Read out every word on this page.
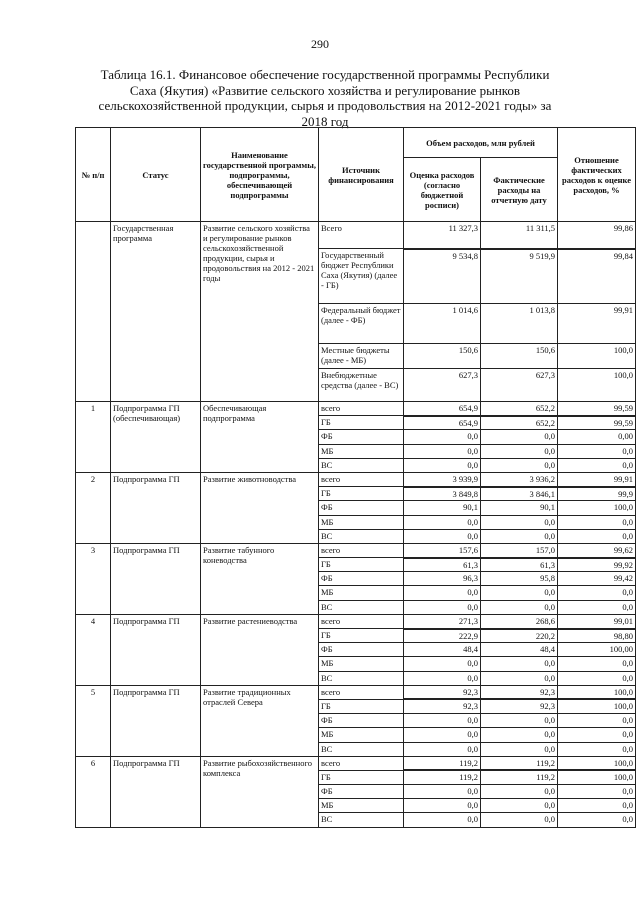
290
Таблица 16.1. Финансовое обеспечение государственной программы Республики Саха (Якутия) «Развитие сельского хозяйства и регулирование рынков сельскохозяйственной продукции, сырья и продовольствия на 2012-2021 годы» за 2018 год
№ п/п	Статус	Наименование государственной программы, подпрограммы, обеспечивающей подпрограммы	Источник финансирования	Объем расходов, млн рублей		Отношение фактических расходов к оценке расходов, %
				Оценка расходов (согласно бюджетной росписи)	Фактические расходы на отчетную дату	
	Государственная программа	Развитие сельского хозяйства и регулирование рынков сельскохозяйственной продукции, сырья и продовольствия на 2012 - 2021 годы	Всего	11 327,3	11 311,5	99,86
			Государственный бюджет Республики Саха (Якутия) (далее - ГБ)	9 534,8	9 519,9	99,84
			Федеральный бюджет (далее - ФБ)	1 014,6	1 013,8	99,91
			Местные бюджеты (далее - МБ)	150,6	150,6	100,0
			Внебюджетные средства (далее - ВС)	627,3	627,3	100,0
1	Подпрограмма ГП (обеспечивающая)	Обеспечивающая подпрограмма	всего	654,9	652,2	99,59
			ГБ	654,9	652,2	99,59
			ФБ	0,0	0,0	0,00
			МБ	0,0	0,0	0,0
			ВС	0,0	0,0	0,0
2	Подпрограмма ГП	Развитие животноводства	всего	3 939,9	3 936,2	99,91
			ГБ	3 849,8	3 846,1	99,9
			ФБ	90,1	90,1	100,0
			МБ	0,0	0,0	0,0
			ВС	0,0	0,0	0,0
3	Подпрограмма ГП	Развитие табунного коневодства	всего	157,6	157,0	99,62
			ГБ	61,3	61,3	99,92
			ФБ	96,3	95,8	99,42
			МБ	0,0	0,0	0,0
			ВС	0,0	0,0	0,0
4	Подпрограмма ГП	Развитие растениеводства	всего	271,3	268,6	99,01
			ГБ	222,9	220,2	98,80
			ФБ	48,4	48,4	100,00
			МБ	0,0	0,0	0,0
			ВС	0,0	0,0	0,0
5	Подпрограмма ГП	Развитие традиционных отраслей Севера	всего	92,3	92,3	100,0
			ГБ	92,3	92,3	100,0
			ФБ	0,0	0,0	0,0
			МБ	0,0	0,0	0,0
			ВС	0,0	0,0	0,0
6	Подпрограмма ГП	Развитие рыбохозяйственного комплекса	всего	119,2	119,2	100,0
			ГБ	119,2	119,2	100,0
			ФБ	0,0	0,0	0,0
			МБ	0,0	0,0	0,0
			ВС	0,0	0,0	0,0
